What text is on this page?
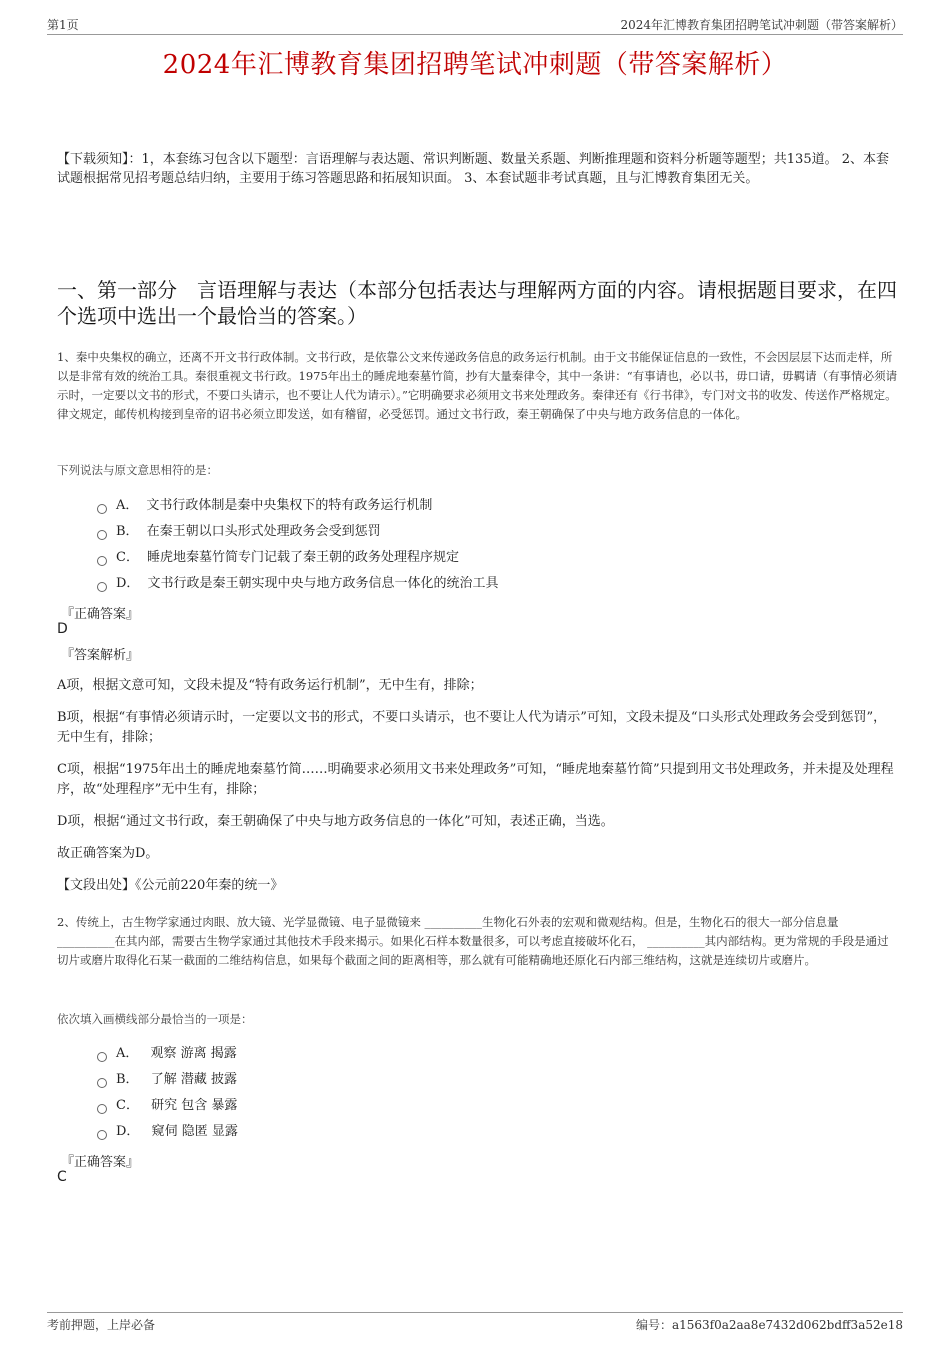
第1页	2024年汇博教育集团招聘笔试冲刺题（带答案解析）
2024年汇博教育集团招聘笔试冲刺题（带答案解析）
【下载须知】：1，本套练习包含以下题型：言语理解与表达题、常识判断题、数量关系题、判断推理题和资料分析题等题型；共135道。 2、本套试题根据常见招考题总结归纳，主要用于练习答题思路和拓展知识面。 3、本套试题非考试真题，且与汇博教育集团无关。
一、第一部分　言语理解与表达（本部分包括表达与理解两方面的内容。请根据题目要求，在四个选项中选出一个最恰当的答案。）
1、秦中央集权的确立，还离不开文书行政体制。文书行政，是依靠公文来传递政务信息的政务运行机制。由于文书能保证信息的一致性，不会因层层下达而走样，所以是非常有效的统治工具。秦很重视文书行政。1975年出土的睡虎地秦墓竹简，抄有大量秦律令，其中一条讲：“有事请也，必以书，毋口请，毋羁请（有事情必须请示时，一定要以文书的形式，不要口头请示，也不要让人代为请示）。”它明确要求必须用文书来处理政务。秦律还有《行书律》，专门对文书的收发、传送作严格规定。律文规定，邮传机构接到皇帝的诏书必须立即发送，如有稽留，必受惩罚。通过文书行政，秦王朝确保了中央与地方政务信息的一体化。
下列说法与原文意思相符的是：
A． 文书行政体制是秦中央集权下的特有政务运行机制
B． 在秦王朝以口头形式处理政务会受到惩罚
C． 睡虎地秦墓竹简专门记载了秦王朝的政务处理程序规定
D． 文书行政是秦王朝实现中央与地方政务信息一体化的统治工具
『正确答案』
D
『答案解析』

A项，根据文意可知，文段未提及“特有政务运行机制”，无中生有，排除；

B项，根据“有事情必须请示时，一定要以文书的形式，不要口头请示，也不要让人代为请示”可知，文段未提及“口头形式处理政务会受到惩罚”，无中生有，排除；

C项，根据“1975年出土的睡虎地秦墓竹简……明确要求必须用文书来处理政务”可知，“睡虎地秦墓竹简”只提到用文书处理政务，并未提及处理程序，故“处理程序”无中生有，排除；

D项，根据“通过文书行政，秦王朝确保了中央与地方政务信息的一体化”可知，表述正确，当选。

故正确答案为D。

【文段出处】《公元前220年秦的统一》

2、传统上，古生物学家通过肉眼、放大镜、光学显微镜、电子显微镜来 __________生物化石外表的宏观和微观结构。但是，生物化石的很大一部分信息量 __________在其内部，需要古生物学家通过其他技术手段来揭示。如果化石样本数量很多，可以考虑直接破坏化石， __________其内部结构。更为常规的手段是通过切片或磨片取得化石某一截面的二维结构信息，如果每个截面之间的距离相等，那么就有可能精确地还原化石内部三维结构，这就是连续切片或磨片。
依次填入画横线部分最恰当的一项是：
A． 观察 游离 揭露
B． 了解 潜藏 披露
C． 研究 包含 暴露
D． 窥伺 隐匿 显露
『正确答案』
C
考前押题，上岸必备	编号：a1563f0a2aa8e7432d062bdff3a52e18
